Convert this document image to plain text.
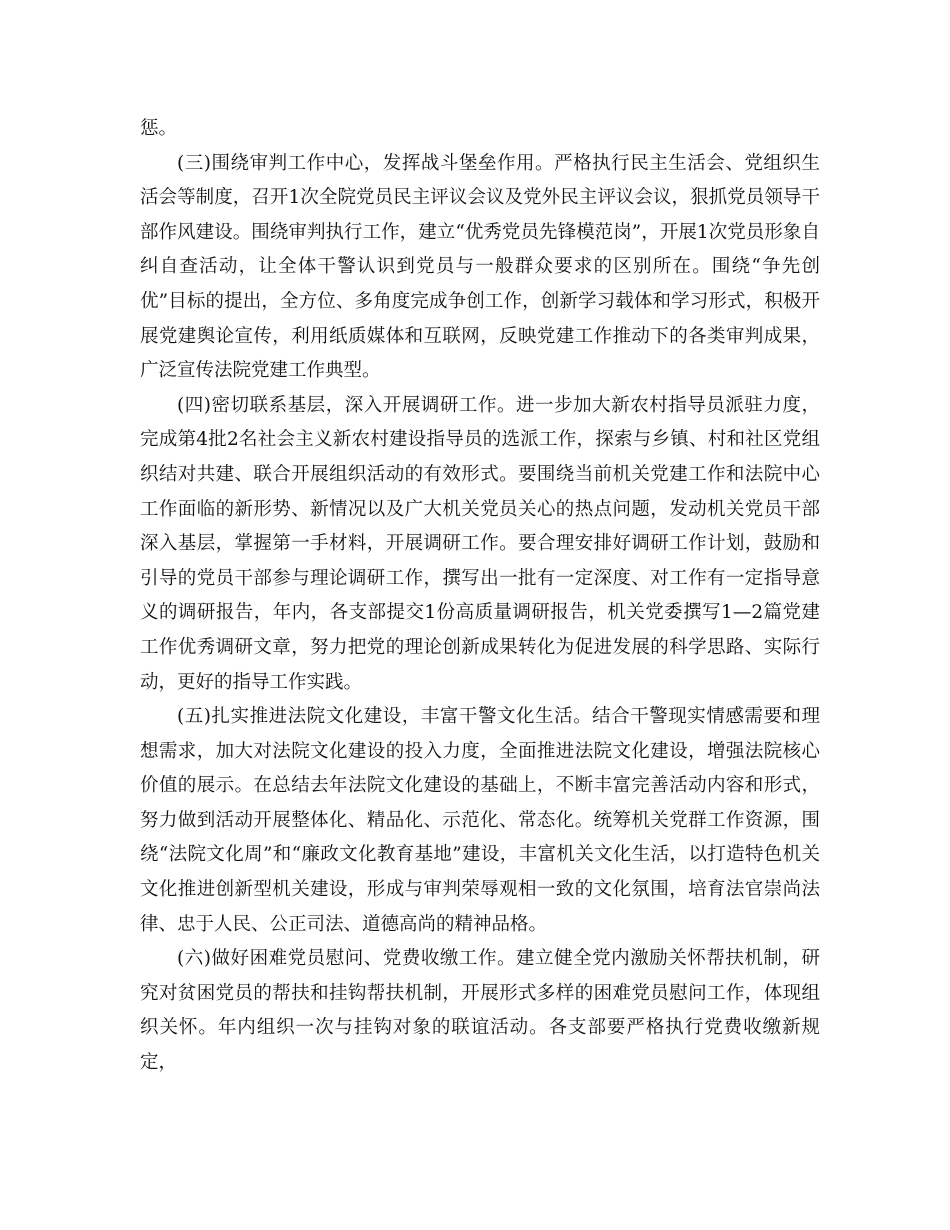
惩。

(三)围绕审判工作中心，发挥战斗堡垒作用。严格执行民主生活会、党组织生活会等制度，召开1次全院党员民主评议会议及党外民主评议会议，狠抓党员领导干部作风建设。围绕审判执行工作，建立“优秀党员先锋模范岗”，开展1次党员形象自纠自查活动，让全体干警认识到党员与一般群众要求的区别所在。围绕“争先创优”目标的提出，全方位、多角度完成争创工作，创新学习载体和学习形式，积极开展党建舆论宣传，利用纸质媒体和互联网，反映党建工作推动下的各类审判成果，广泛宣传法院党建工作典型。

(四)密切联系基层，深入开展调研工作。进一步加大新农村指导员派驻力度，完成第4批2名社会主义新农村建设指导员的选派工作，探索与乡镇、村和社区党组织结对共建、联合开展组织活动的有效形式。要围绕当前机关党建工作和法院中心工作面临的新形势、新情况以及广大机关党员关心的热点问题，发动机关党员干部深入基层，掌握第一手材料，开展调研工作。要合理安排好调研工作计划，鼓励和引导的党员干部参与理论调研工作，撰写出一批有一定深度、对工作有一定指导意义的调研报告，年内，各支部提交1份高质量调研报告，机关党委撰写1—2篇党建工作优秀调研文章，努力把党的理论创新成果转化为促进发展的科学思路、实际行动，更好的指导工作实践。

(五)扎实推进法院文化建设，丰富干警文化生活。结合干警现实情感需要和理想需求，加大对法院文化建设的投入力度，全面推进法院文化建设，增强法院核心价值的展示。在总结去年法院文化建设的基础上，不断丰富完善活动内容和形式，努力做到活动开展整体化、精品化、示范化、常态化。统筹机关党群工作资源，围绕“法院文化周”和“廉政文化教育基地”建设，丰富机关文化生活，以打造特色机关文化推进创新型机关建设，形成与审判荣辱观相一致的文化氛围，培育法官崇尚法律、忠于人民、公正司法、道德高尚的精神品格。

(六)做好困难党员慰问、党费收缴工作。建立健全党内激励关怀帮扶机制，研究对贫困党员的帮扶和挂钩帮扶机制，开展形式多样的困难党员慰问工作，体现组织关怀。年内组织一次与挂钩对象的联谊活动。各支部要严格执行党费收缴新规定，
